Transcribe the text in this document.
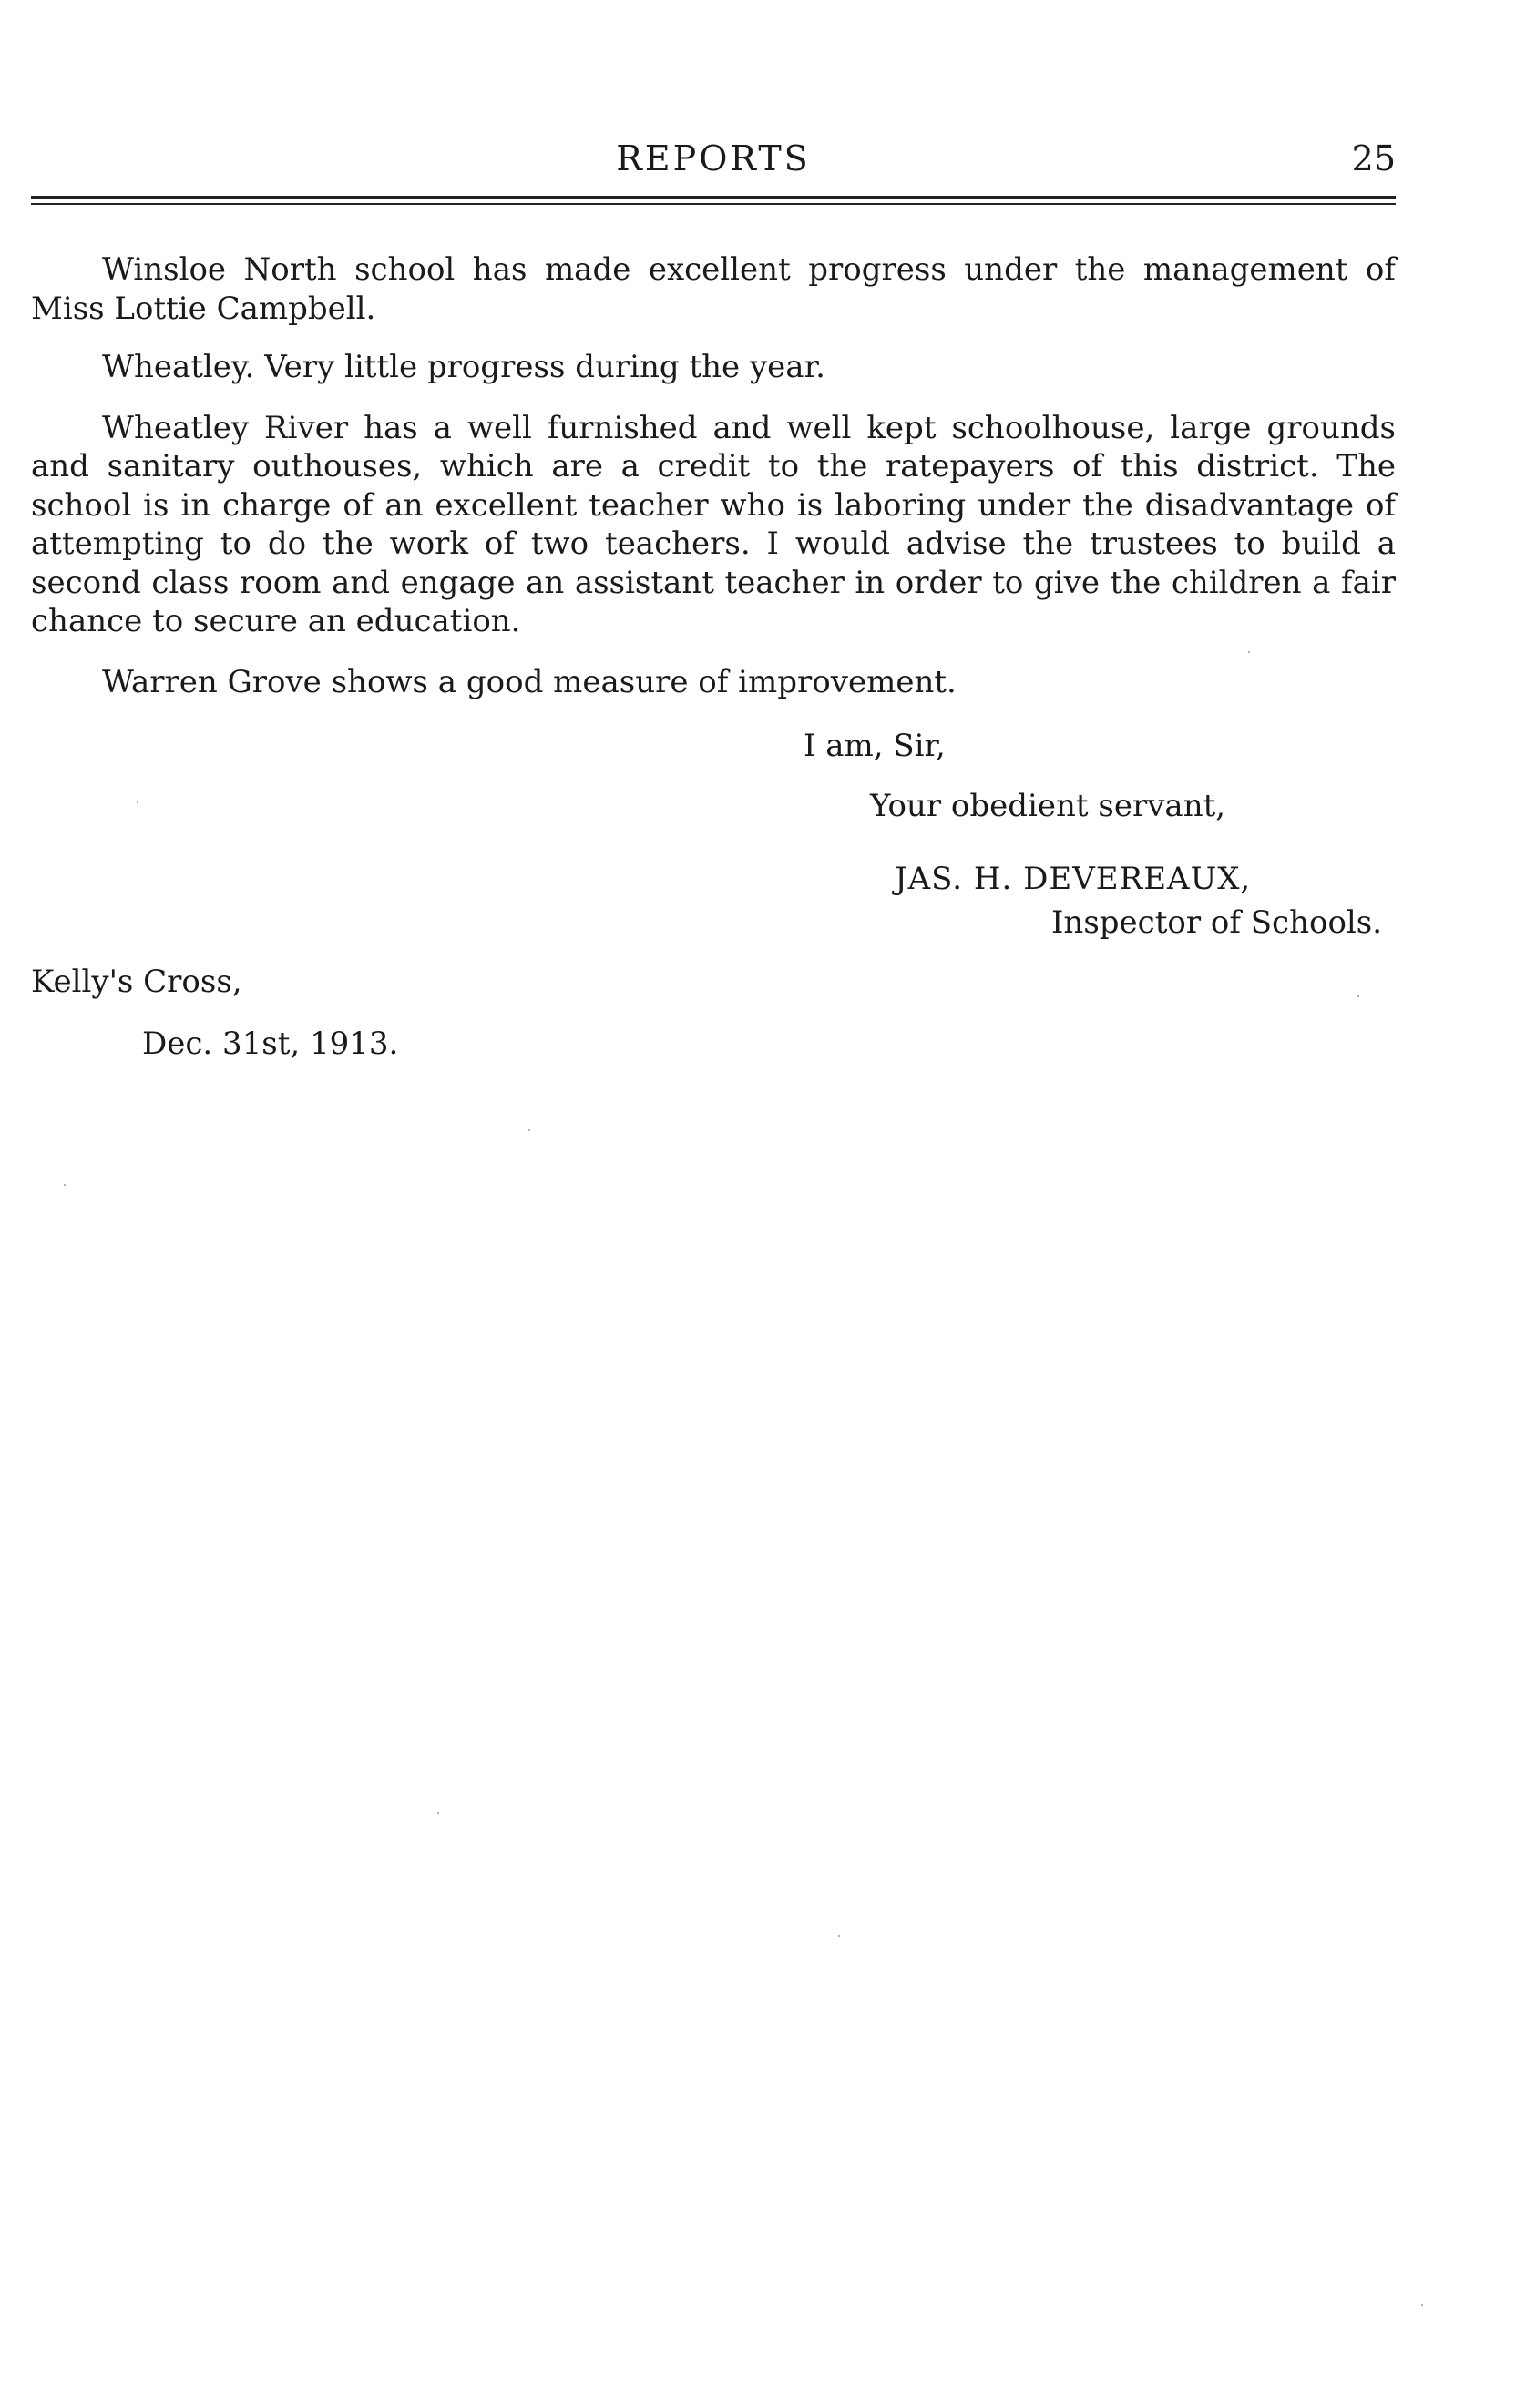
REPORTS	25

Winsloe North school has made excellent progress under the management of Miss Lottie Campbell.

Wheatley. Very little progress during the year.

Wheatley River has a well furnished and well kept schoolhouse, large grounds and sanitary outhouses, which are a credit to the ratepayers of this district. The school is in charge of an excellent teacher who is laboring under the disadvantage of attempting to do the work of two teachers. I would advise the trustees to build a second class room and engage an assistant teacher in order to give the children a fair chance to secure an education.

Warren Grove shows a good measure of improvement.

I am, Sir,
Your obedient servant,
JAS. H. DEVEREAUX,
Inspector of Schools.
Kelly's Cross,
Dec. 31st, 1913.
